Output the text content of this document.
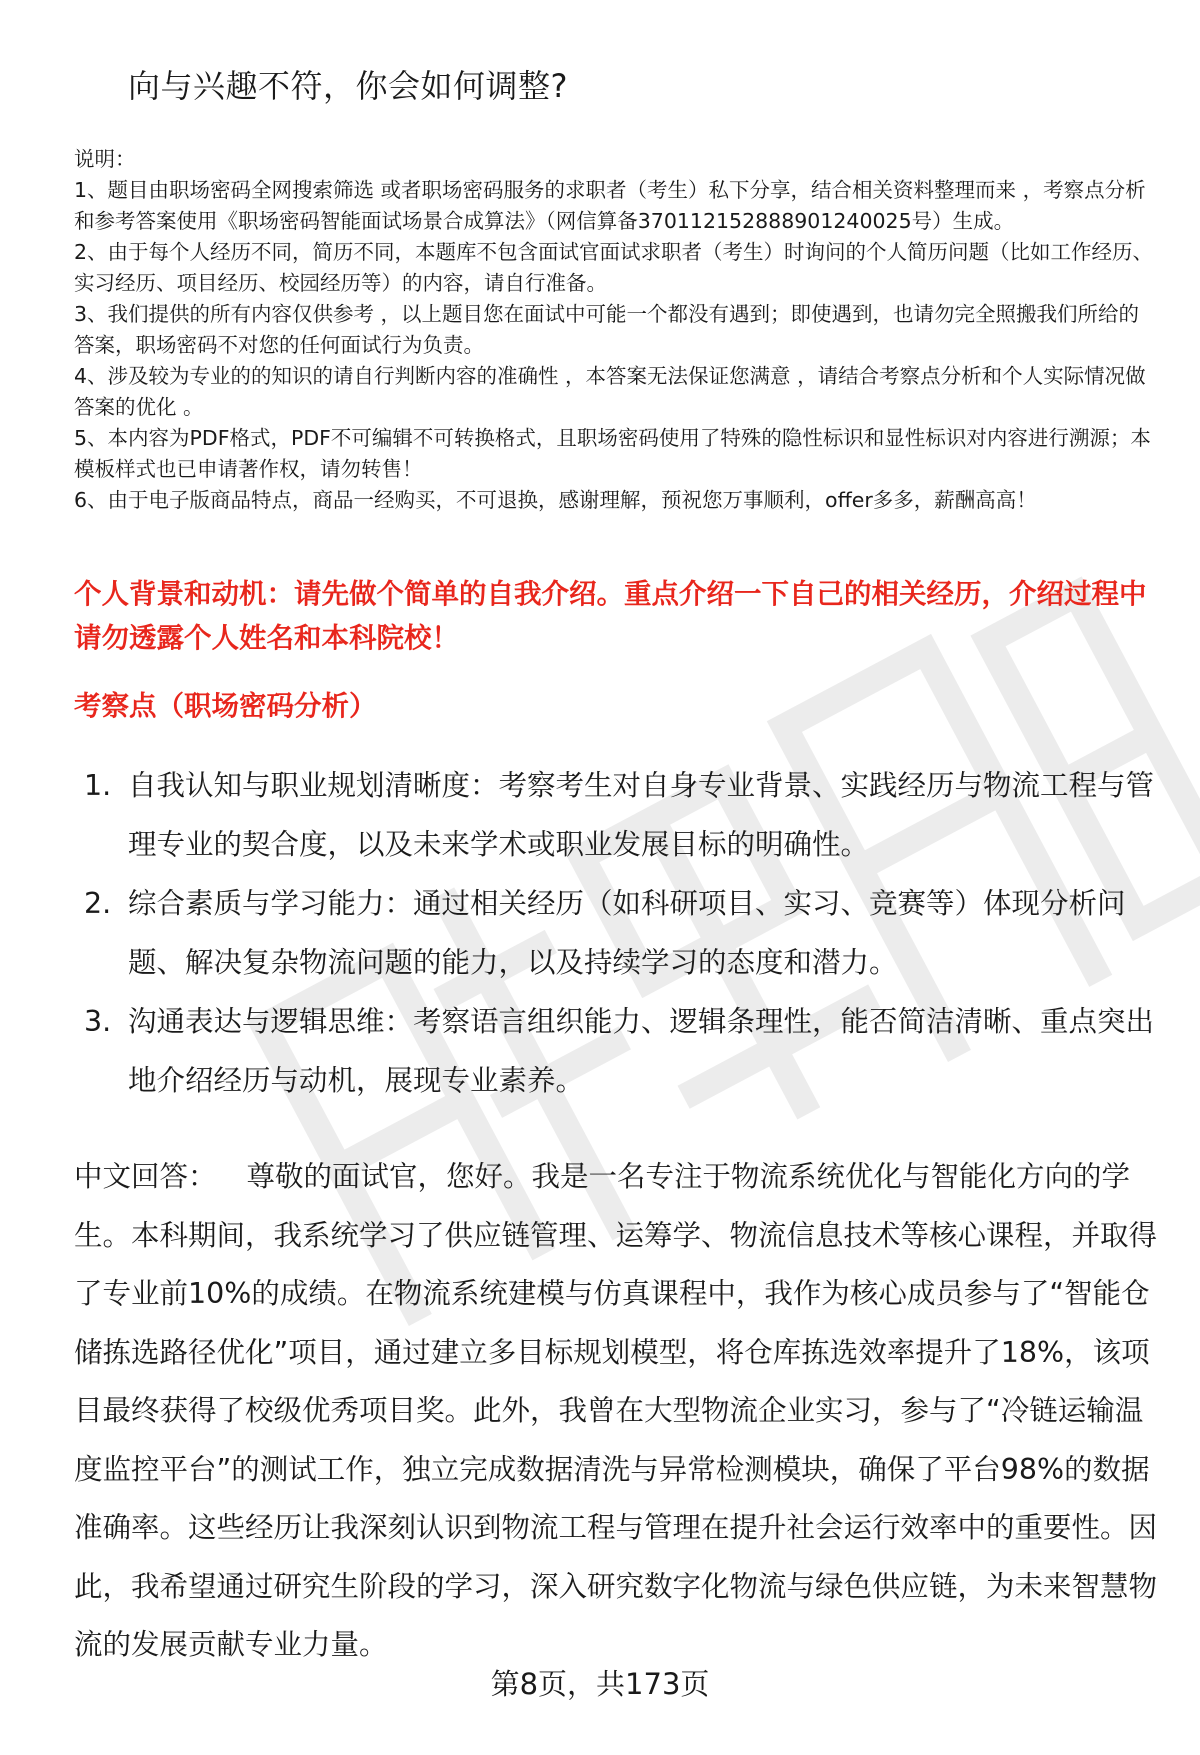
向与兴趣不符，你会如何调整?
说明：
1、题目由职场密码全网搜索筛选 或者职场密码服务的求职者（考生）私下分享，结合相关资料整理而来 ，考察点分析和参考答案使用《职场密码智能面试场景合成算法》（网信算备370112152888901240025号）生成。
2、由于每个人经历不同，简历不同，本题库不包含面试官面试求职者（考生）时询问的个人简历问题（比如工作经历、实习经历、项目经历、校园经历等）的内容，请自行准备。
3、我们提供的所有内容仅供参考 ，以上题目您在面试中可能一个都没有遇到；即使遇到，也请勿完全照搬我们所给的答案，职场密码不对您的任何面试行为负责。
4、涉及较为专业的的知识的请自行判断内容的准确性 ，本答案无法保证您满意 ，请结合考察点分析和个人实际情况做答案的优化 。
5、本内容为PDF格式，PDF不可编辑不可转换格式，且职场密码使用了特殊的隐性标识和显性标识对内容进行溯源；本模板样式也已申请著作权，请勿转售！
6、由于电子版商品特点，商品一经购买，不可退换，感谢理解，预祝您万事顺利，offer多多，薪酬高高！
个人背景和动机：请先做个简单的自我介绍。重点介绍一下自己的相关经历，介绍过程中请勿透露个人姓名和本科院校！
考察点（职场密码分析）
1. 自我认知与职业规划清晰度：考察考生对自身专业背景、实践经历与物流工程与管理专业的契合度，以及未来学术或职业发展目标的明确性。
2. 综合素质与学习能力：通过相关经历（如科研项目、实习、竞赛等）体现分析问题、解决复杂物流问题的能力，以及持续学习的态度和潜力。
3. 沟通表达与逻辑思维：考察语言组织能力、逻辑条理性，能否简洁清晰、重点突出地介绍经历与动机，展现专业素养。
中文回答： 尊敬的面试官，您好。我是一名专注于物流系统优化与智能化方向的学生。本科期间，我系统学习了供应链管理、运筹学、物流信息技术等核心课程，并取得了专业前10%的成绩。在物流系统建模与仿真课程中，我作为核心成员参与了“智能仓储拣选路径优化”项目，通过建立多目标规划模型，将仓库拣选效率提升了18%，该项目最终获得了校级优秀项目奖。此外，我曾在大型物流企业实习，参与了“冷链运输温度监控平台”的测试工作，独立完成数据清洗与异常检测模块，确保了平台98%的数据准确率。这些经历让我深刻认识到物流工程与管理在提升社会运行效率中的重要性。因此，我希望通过研究生阶段的学习，深入研究数字化物流与绿色供应链，为未来智慧物流的发展贡献专业力量。
第8页，共173页
